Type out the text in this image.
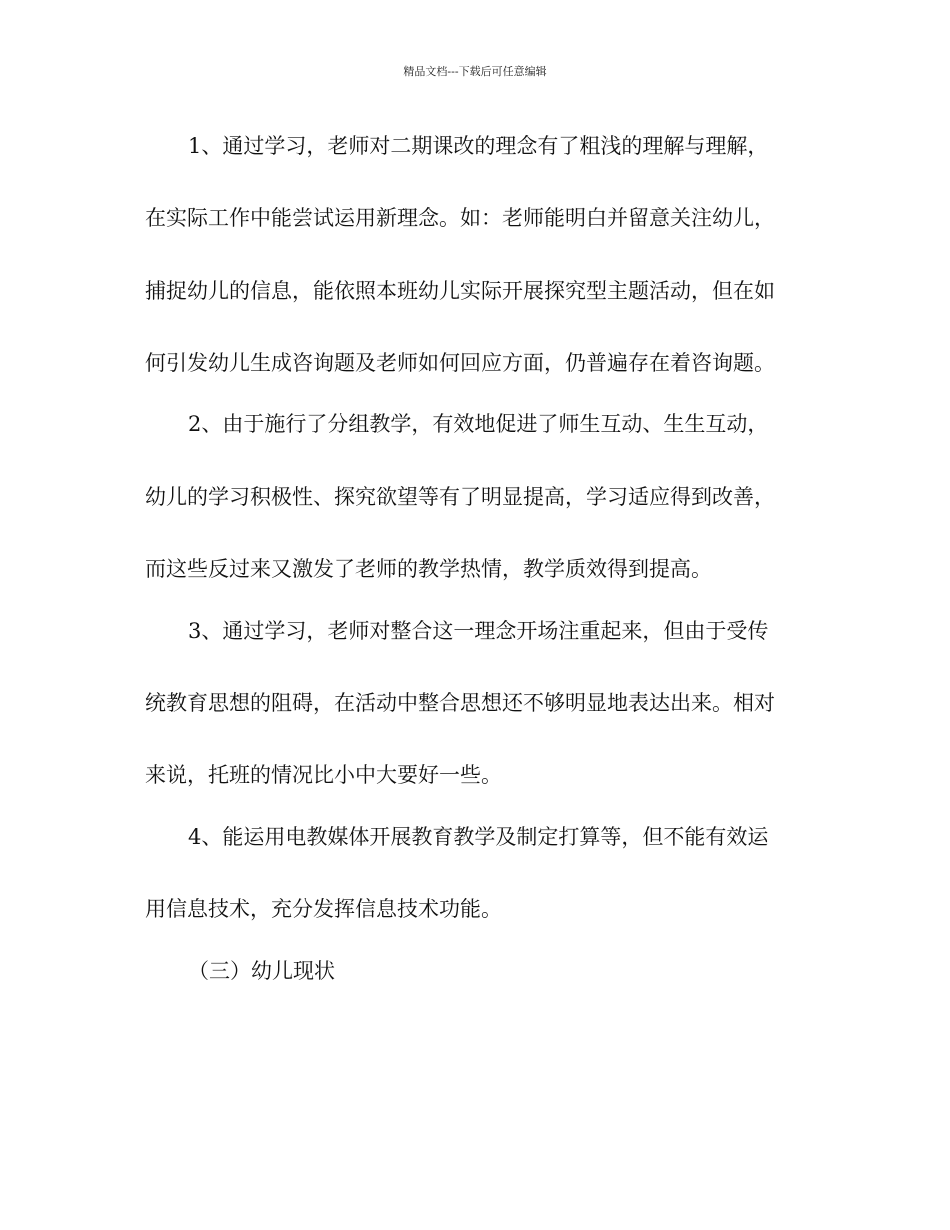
精品文档---下载后可任意编辑
1、通过学习，老师对二期课改的理念有了粗浅的理解与理解，
在实际工作中能尝试运用新理念。如：老师能明白并留意关注幼儿，
捕捉幼儿的信息，能依照本班幼儿实际开展探究型主题活动，但在如
何引发幼儿生成咨询题及老师如何回应方面，仍普遍存在着咨询题。
2、由于施行了分组教学，有效地促进了师生互动、生生互动，
幼儿的学习积极性、探究欲望等有了明显提高，学习适应得到改善，
而这些反过来又激发了老师的教学热情，教学质效得到提高。
3、通过学习，老师对整合这一理念开场注重起来，但由于受传
统教育思想的阻碍，在活动中整合思想还不够明显地表达出来。相对
来说，托班的情况比小中大要好一些。
4、能运用电教媒体开展教育教学及制定打算等，但不能有效运
用信息技术，充分发挥信息技术功能。
（三）幼儿现状
